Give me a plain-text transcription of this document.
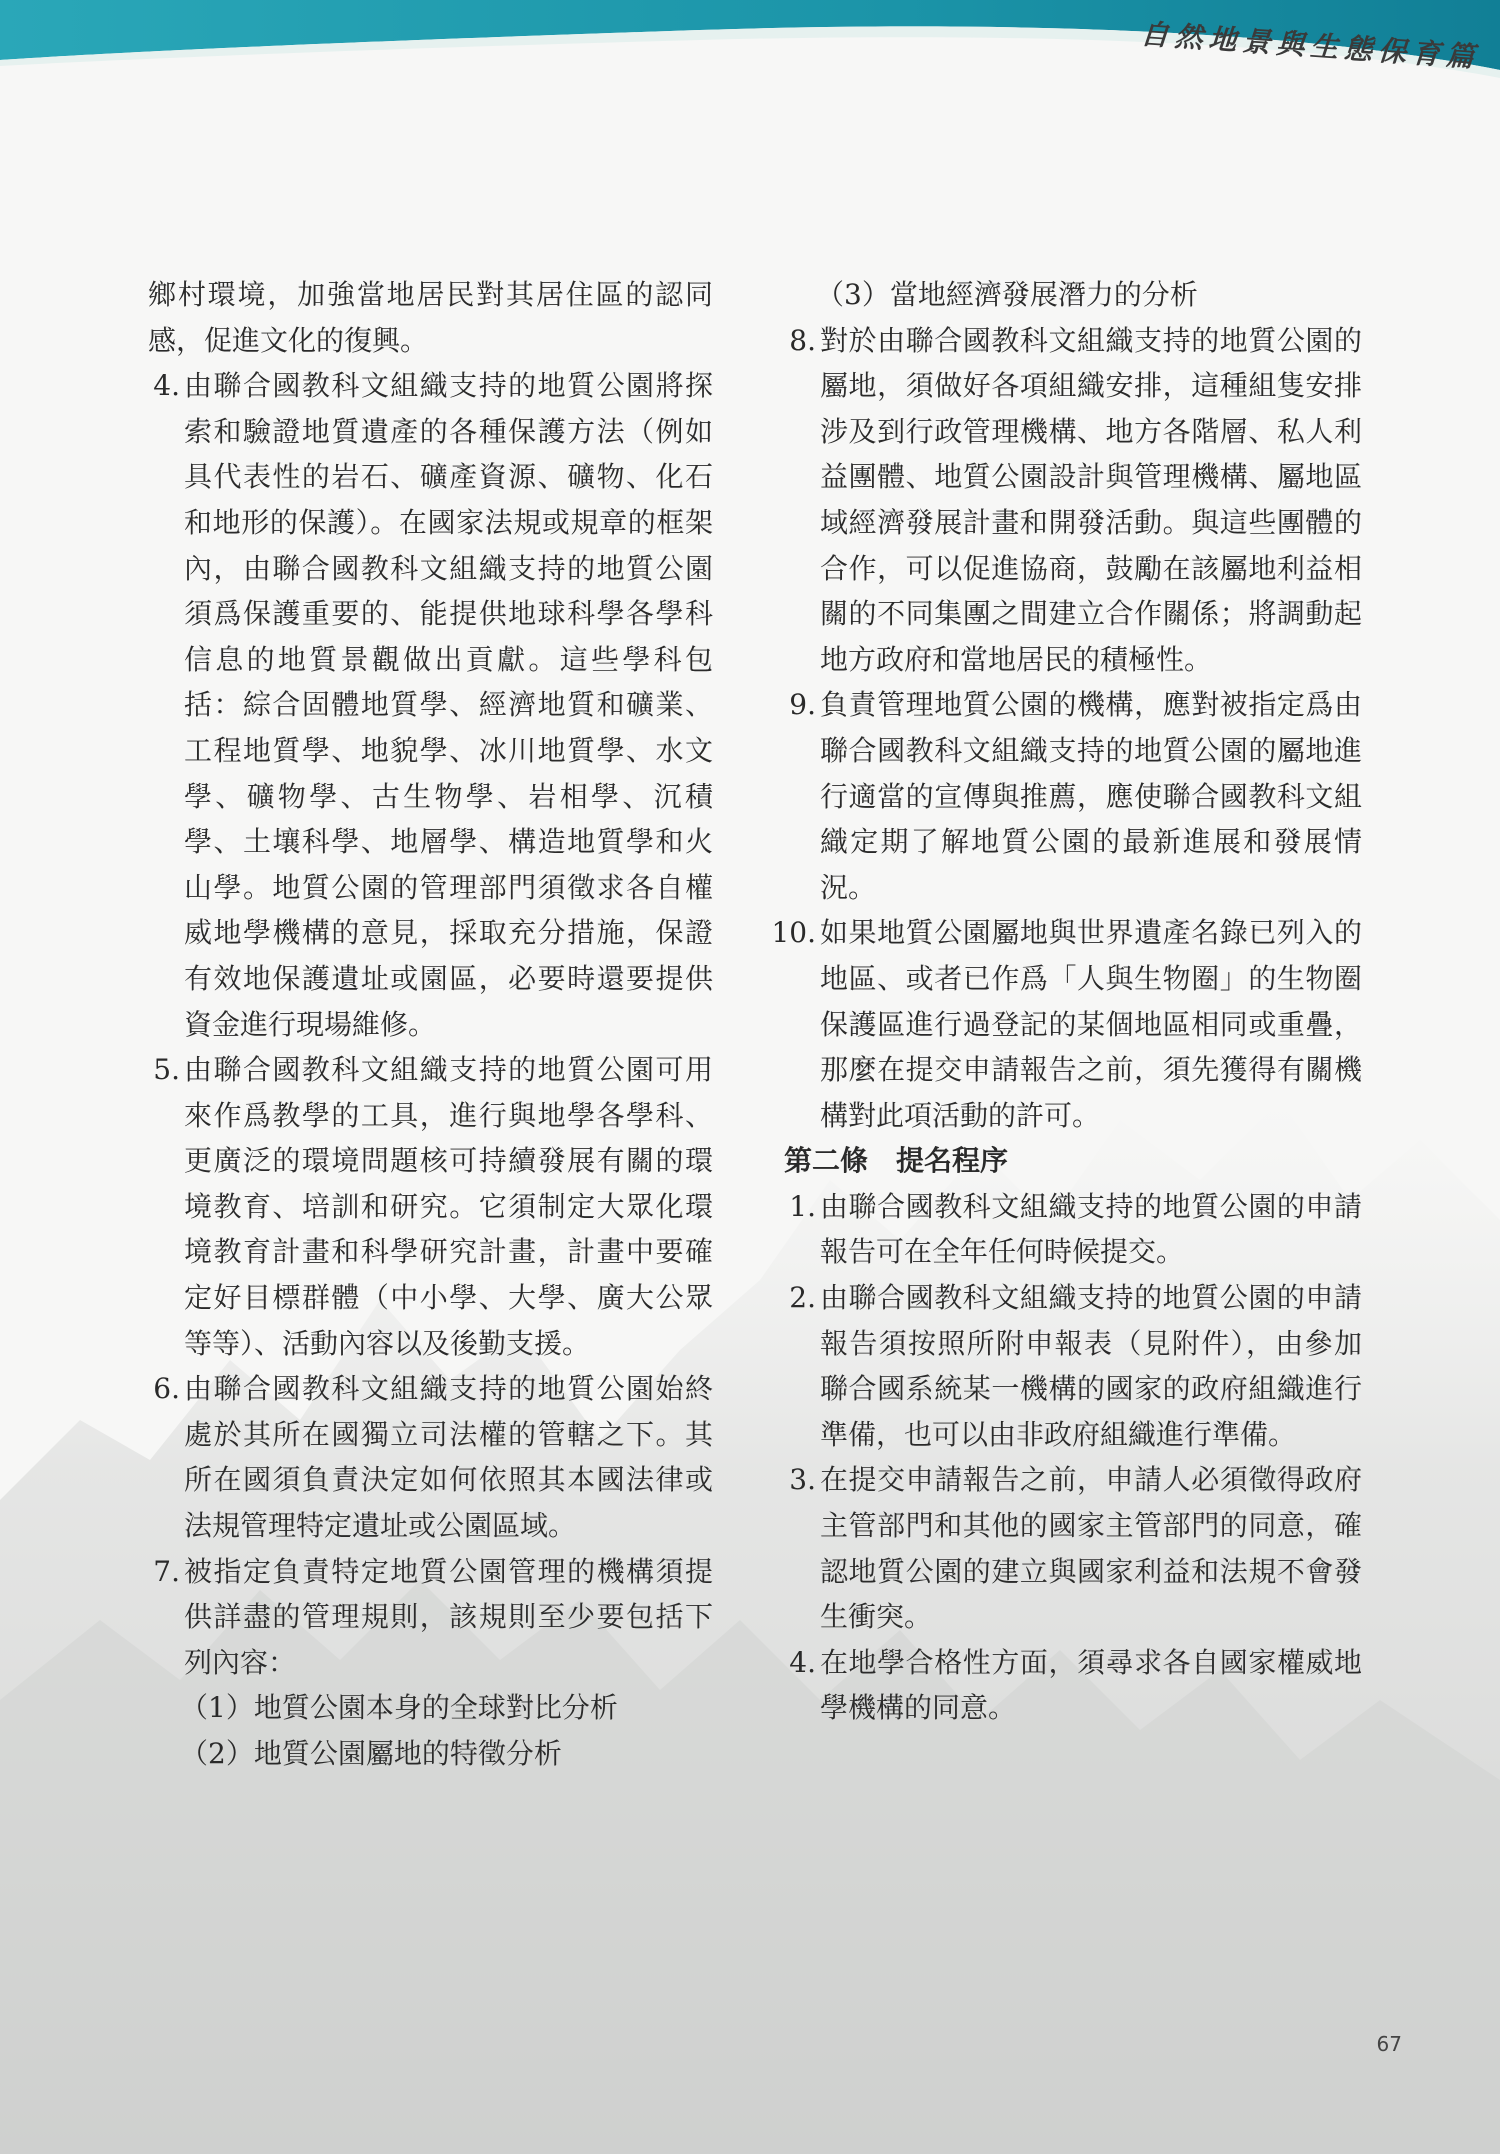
自然地景與生態保育篇

鄉村環境，加強當地居民對其居住區的認同感，促進文化的復興。

4. 由聯合國教科文組織支持的地質公園將探索和驗證地質遺產的各種保護方法（例如具代表性的岩石、礦產資源、礦物、化石和地形的保護）。在國家法規或規章的框架內，由聯合國教科文組織支持的地質公園須爲保護重要的、能提供地球科學各學科信息的地質景觀做出貢獻。這些學科包括：綜合固體地質學、經濟地質和礦業、工程地質學、地貌學、冰川地質學、水文學、礦物學、古生物學、岩相學、沉積學、土壤科學、地層學、構造地質學和火山學。地質公園的管理部門須徵求各自權威地學機構的意見，採取充分措施，保證有效地保護遺址或園區，必要時還要提供資金進行現場維修。
5. 由聯合國教科文組織支持的地質公園可用來作爲教學的工具，進行與地學各學科、更廣泛的環境問題核可持續發展有關的環境教育、培訓和研究。它須制定大眾化環境教育計畫和科學研究計畫，計畫中要確定好目標群體（中小學、大學、廣大公眾等等）、活動內容以及後勤支援。
6. 由聯合國教科文組織支持的地質公園始終處於其所在國獨立司法權的管轄之下。其所在國須負責決定如何依照其本國法律或法規管理特定遺址或公園區域。
7. 被指定負責特定地質公園管理的機構須提供詳盡的管理規則，該規則至少要包括下列內容：

（1）地質公園本身的全球對比分析

（2）地質公園屬地的特徵分析

（3）當地經濟發展潛力的分析

8. 對於由聯合國教科文組織支持的地質公園的屬地，須做好各項組織安排，這種組隻安排涉及到行政管理機構、地方各階層、私人利益團體、地質公園設計與管理機構、屬地區域經濟發展計畫和開發活動。與這些團體的合作，可以促進協商，鼓勵在該屬地利益相關的不同集團之間建立合作關係；將調動起地方政府和當地居民的積極性。
9. 負責管理地質公園的機構，應對被指定爲由聯合國教科文組織支持的地質公園的屬地進行適當的宣傳與推薦，應使聯合國教科文組織定期了解地質公園的最新進展和發展情況。
10. 如果地質公園屬地與世界遺產名錄已列入的地區、或者已作爲「人與生物圈」的生物圈保護區進行過登記的某個地區相同或重疊，那麼在提交申請報告之前，須先獲得有關機構對此項活動的許可。

第二條 提名程序

1. 由聯合國教科文組織支持的地質公園的申請報告可在全年任何時候提交。
2. 由聯合國教科文組織支持的地質公園的申請報告須按照所附申報表（見附件），由參加聯合國系統某一機構的國家的政府組織進行準備，也可以由非政府組織進行準備。
3. 在提交申請報告之前，申請人必須徵得政府主管部門和其他的國家主管部門的同意，確認地質公園的建立與國家利益和法規不會發生衝突。
4. 在地學合格性方面，須尋求各自國家權威地學機構的同意。
67
